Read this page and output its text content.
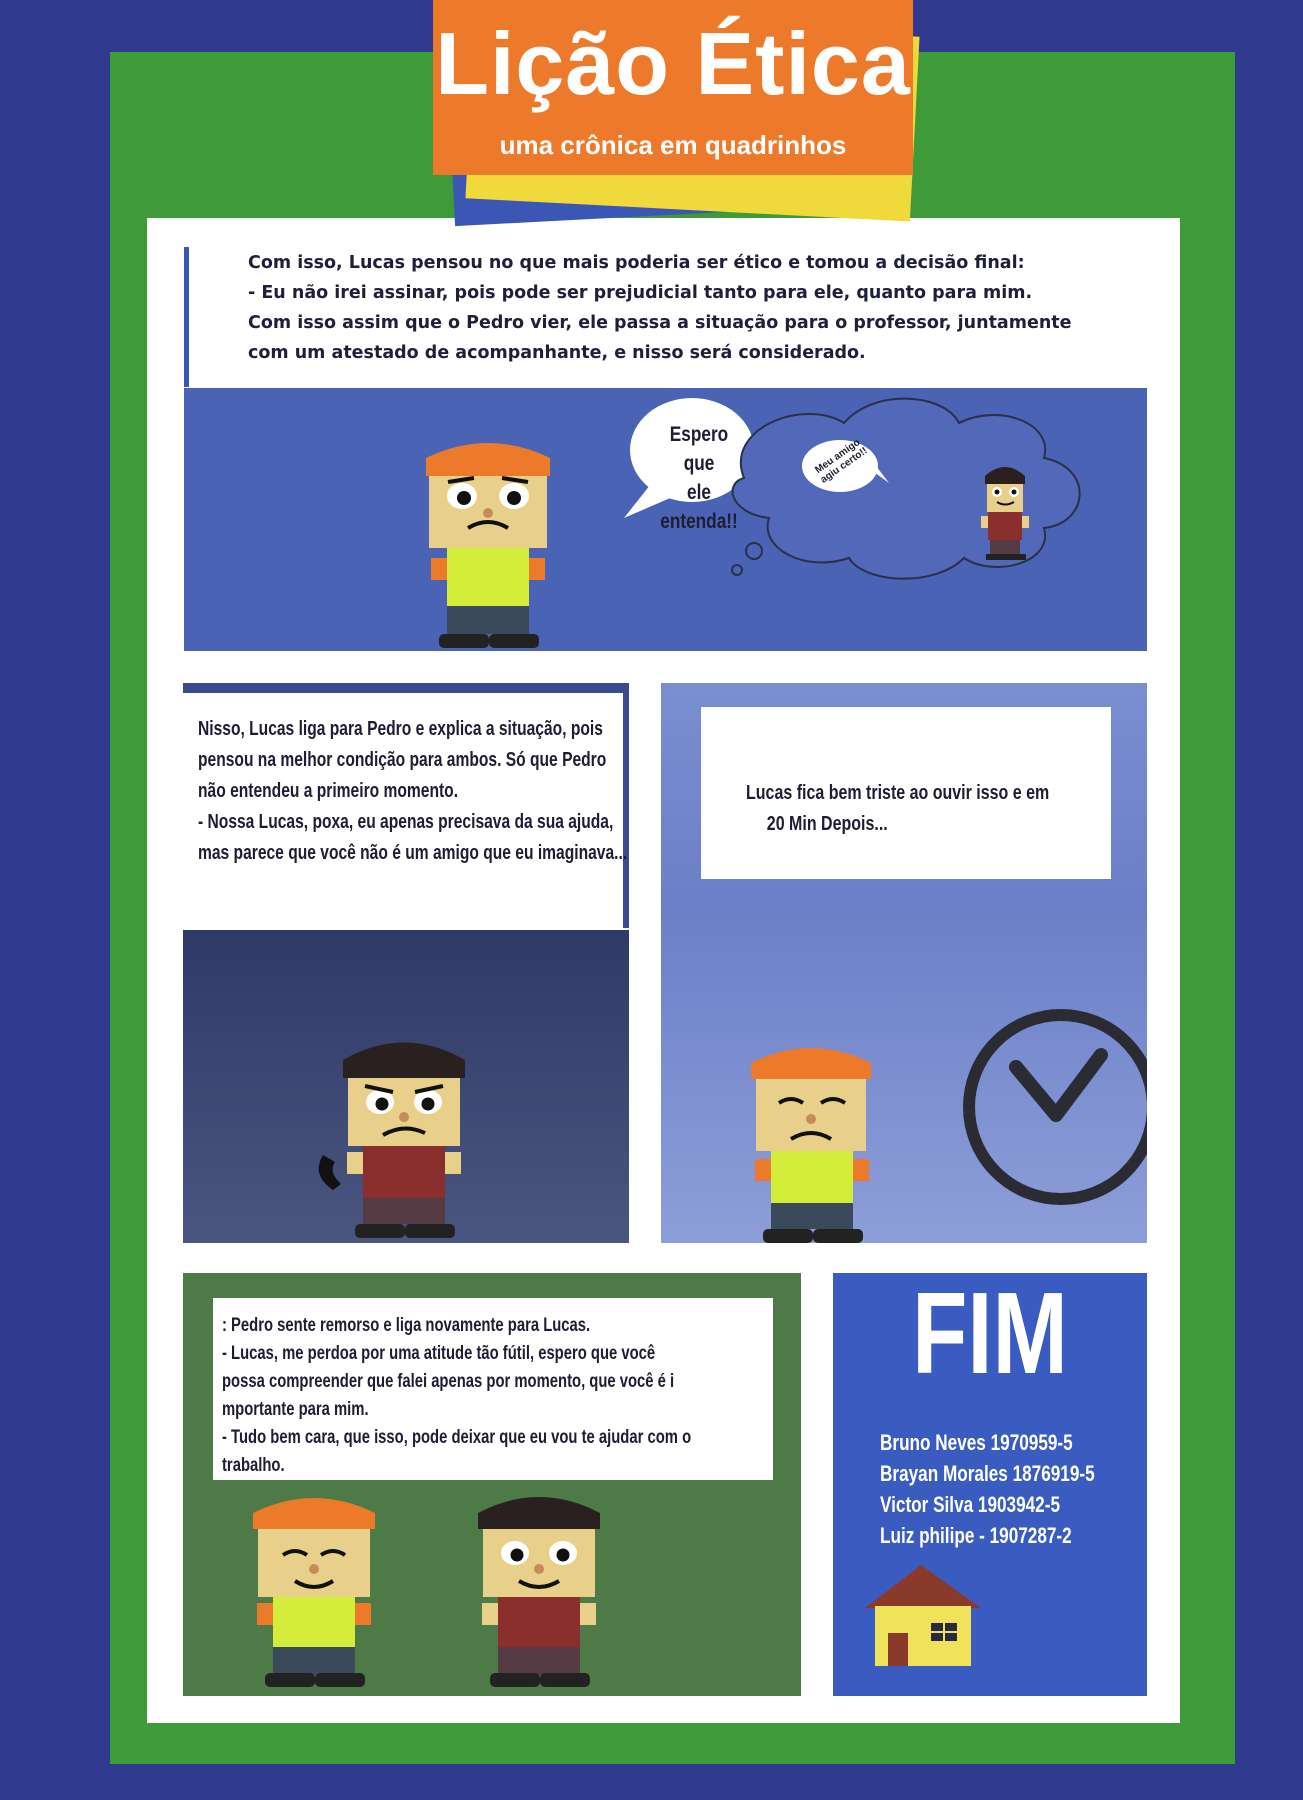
Lição Ética
uma crônica em quadrinhos
Com isso, Lucas pensou no que mais poderia ser ético e tomou a decisão final:
- Eu não irei assinar, pois pode ser prejudicial tanto para ele, quanto para mim.
Com isso assim que o Pedro vier, ele passa a situação para o professor, juntamente
com um atestado de acompanhante, e nisso será considerado.
Espero que
ele entenda!!
Meu amigo agiu certo!!
Nisso, Lucas liga para Pedro e explica a situação, pois
pensou na melhor condição para ambos. Só que Pedro
não entendeu a primeiro momento.
- Nossa Lucas, poxa, eu apenas precisava da sua ajuda,
mas parece que você não é um amigo que eu imaginava...
Lucas fica bem triste ao ouvir isso e em
20 Min Depois...
: Pedro sente remorso e liga novamente para Lucas.
- Lucas, me perdoa por uma atitude tão fútil, espero que você
possa compreender que falei apenas por momento, que você é i
mportante para mim.
- Tudo bem cara, que isso, pode deixar que eu vou te ajudar com o
trabalho.
FIM
Bruno Neves 1970959-5
Brayan Morales 1876919-5
Victor Silva 1903942-5
Luiz philipe - 1907287-2
